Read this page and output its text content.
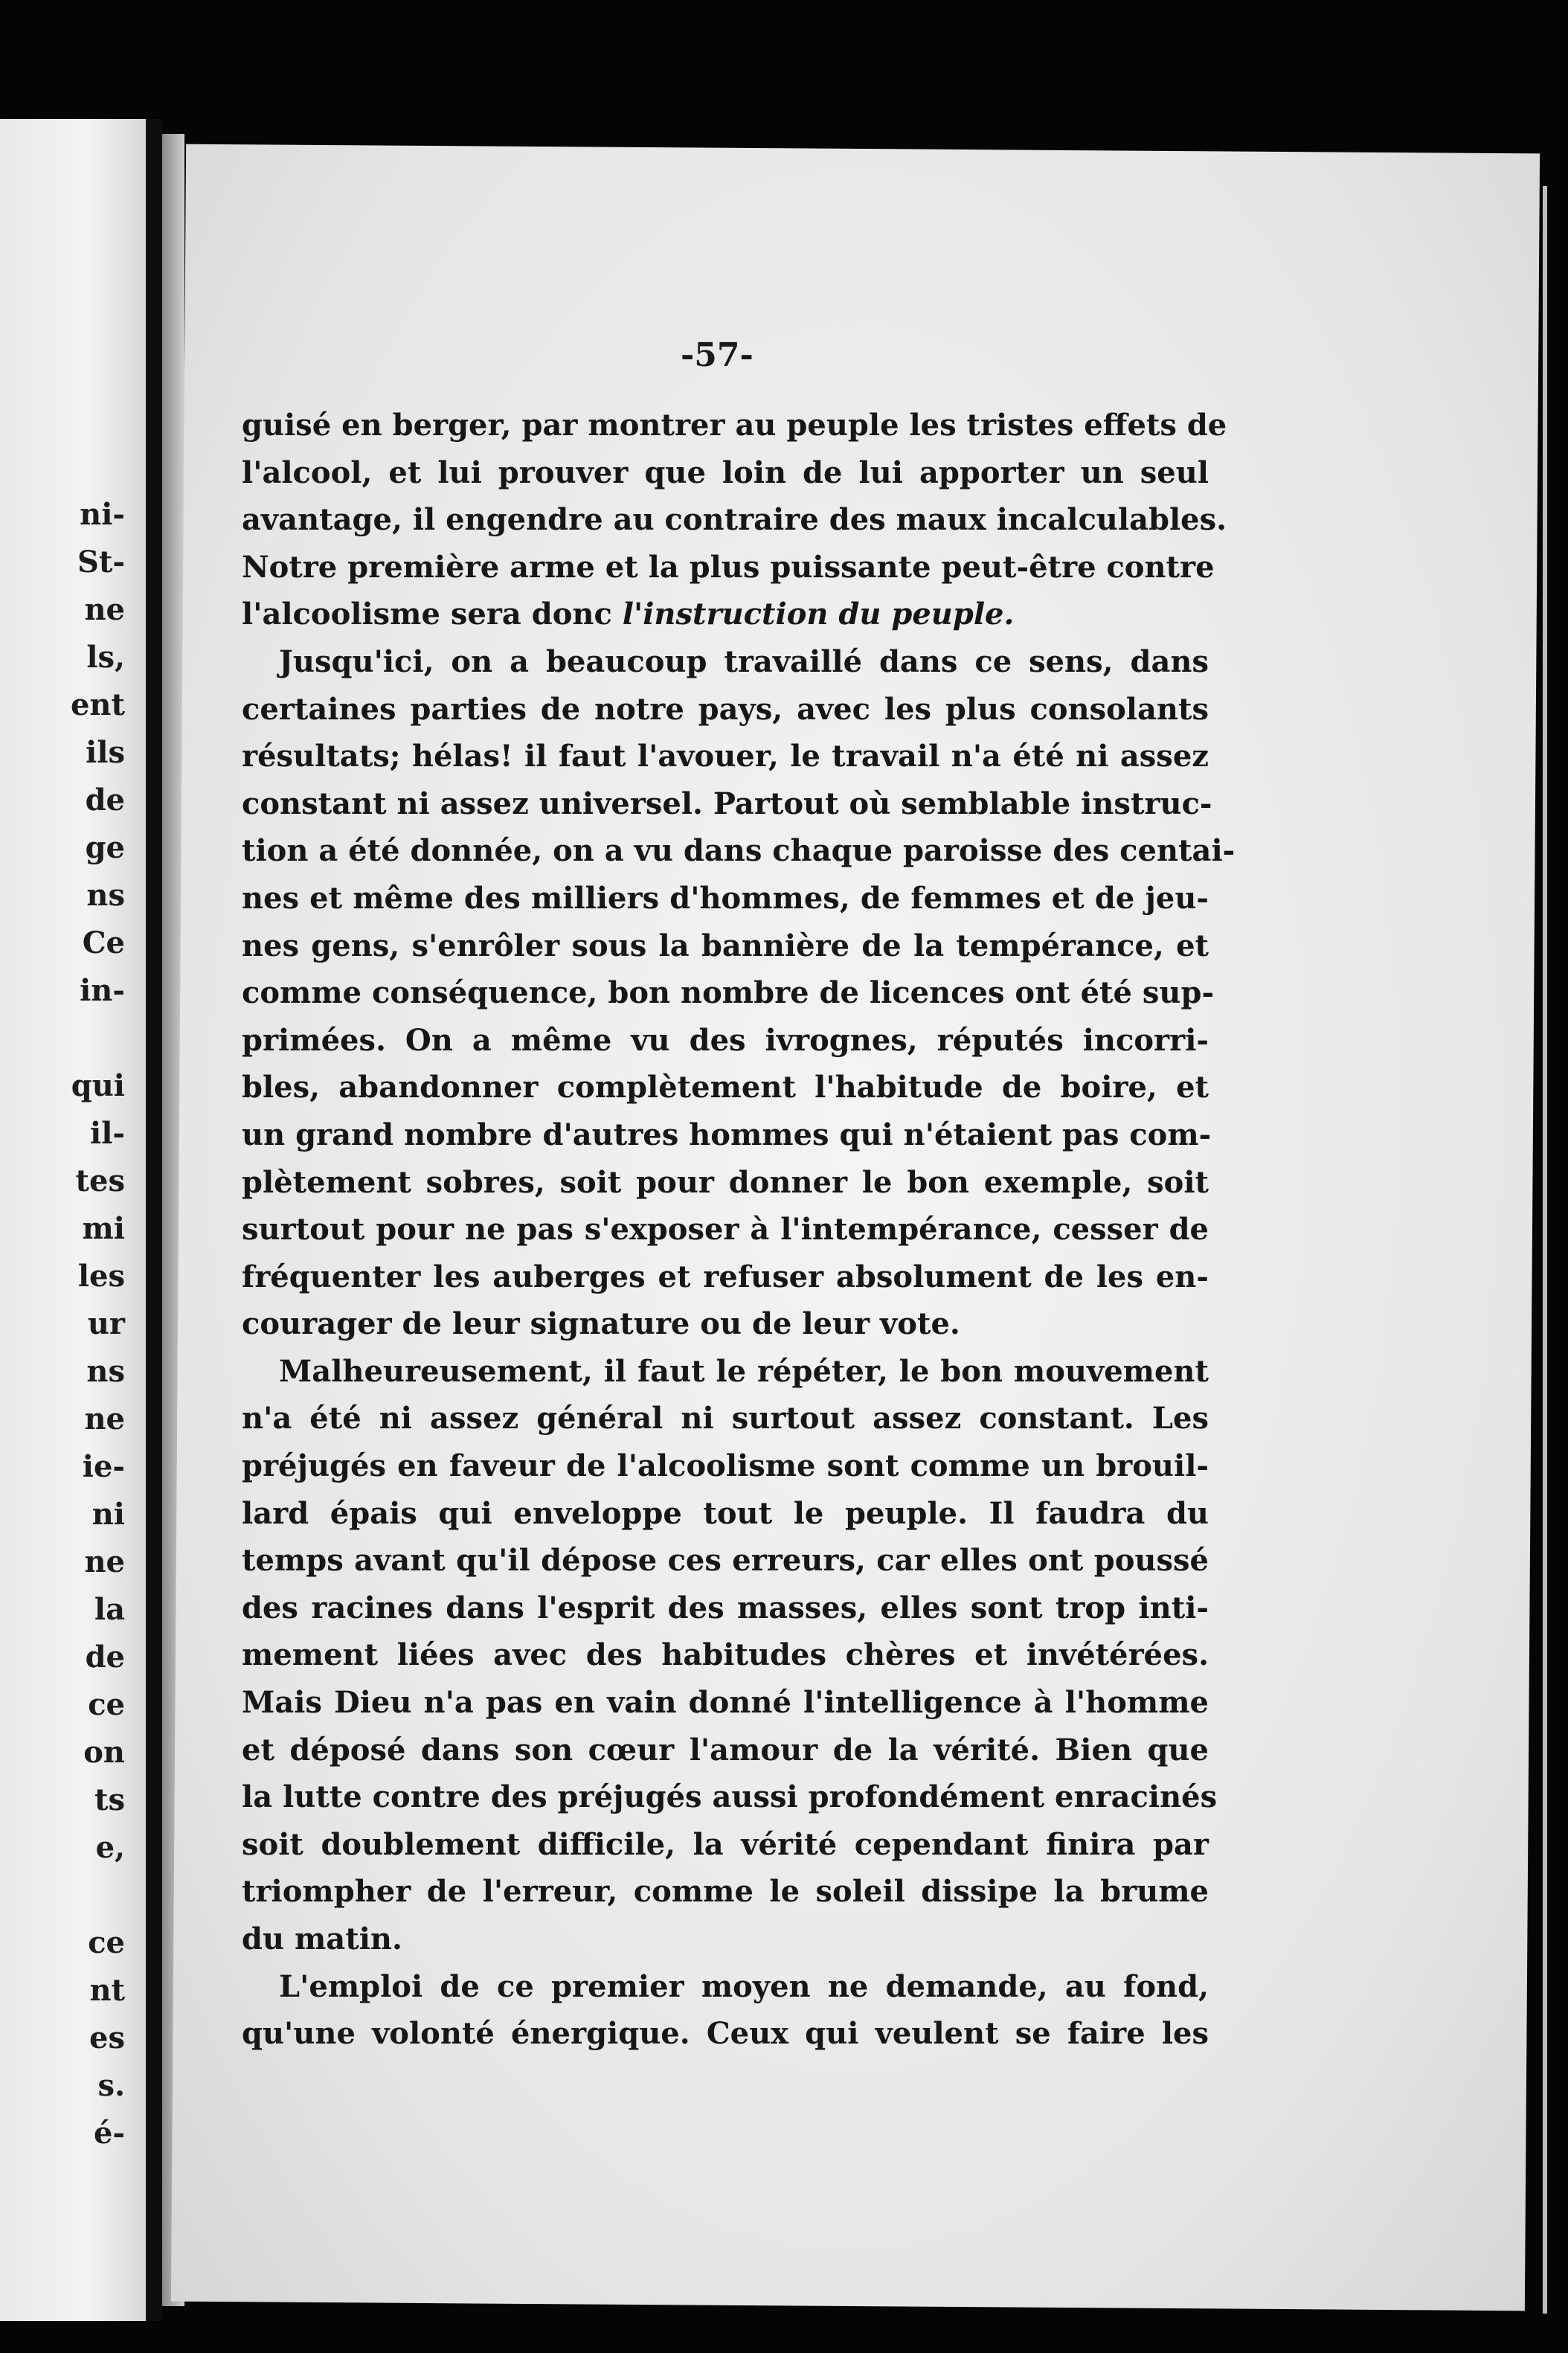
ni-
St-
ne
ls,
ent
ils
de
ge
ns
Ce
in-
qui
il-
tes
mi
les
ur
ns
ne
ie-
ni
ne
la
de
ce
on
ts
e,
ce
nt
es
s.
é-
-57-
guisé en berger, par montrer au peuple les tristes effets de
l'alcool, et lui prouver que loin de lui apporter un seul
avantage, il engendre au contraire des maux incalculables.
Notre première arme et la plus puissante peut-être contre
l'alcoolisme sera donc l'instruction du peuple.
Jusqu'ici, on a beaucoup travaillé dans ce sens, dans
certaines parties de notre pays, avec les plus consolants
résultats; hélas! il faut l'avouer, le travail n'a été ni assez
constant ni assez universel. Partout où semblable instruc-
tion a été donnée, on a vu dans chaque paroisse des centai-
nes et même des milliers d'hommes, de femmes et de jeu-
nes gens, s'enrôler sous la bannière de la tempérance, et
comme conséquence, bon nombre de licences ont été sup-
primées. On a même vu des ivrognes, réputés incorri-
bles, abandonner complètement l'habitude de boire, et
un grand nombre d'autres hommes qui n'étaient pas com-
plètement sobres, soit pour donner le bon exemple, soit
surtout pour ne pas s'exposer à l'intempérance, cesser de
fréquenter les auberges et refuser absolument de les en-
courager de leur signature ou de leur vote.
Malheureusement, il faut le répéter, le bon mouvement
n'a été ni assez général ni surtout assez constant. Les
préjugés en faveur de l'alcoolisme sont comme un brouil-
lard épais qui enveloppe tout le peuple. Il faudra du
temps avant qu'il dépose ces erreurs, car elles ont poussé
des racines dans l'esprit des masses, elles sont trop inti-
mement liées avec des habitudes chères et invétérées.
Mais Dieu n'a pas en vain donné l'intelligence à l'homme
et déposé dans son cœur l'amour de la vérité. Bien que
la lutte contre des préjugés aussi profondément enracinés
soit doublement difficile, la vérité cependant finira par
triompher de l'erreur, comme le soleil dissipe la brume
du matin.
L'emploi de ce premier moyen ne demande, au fond,
qu'une volonté énergique. Ceux qui veulent se faire les
